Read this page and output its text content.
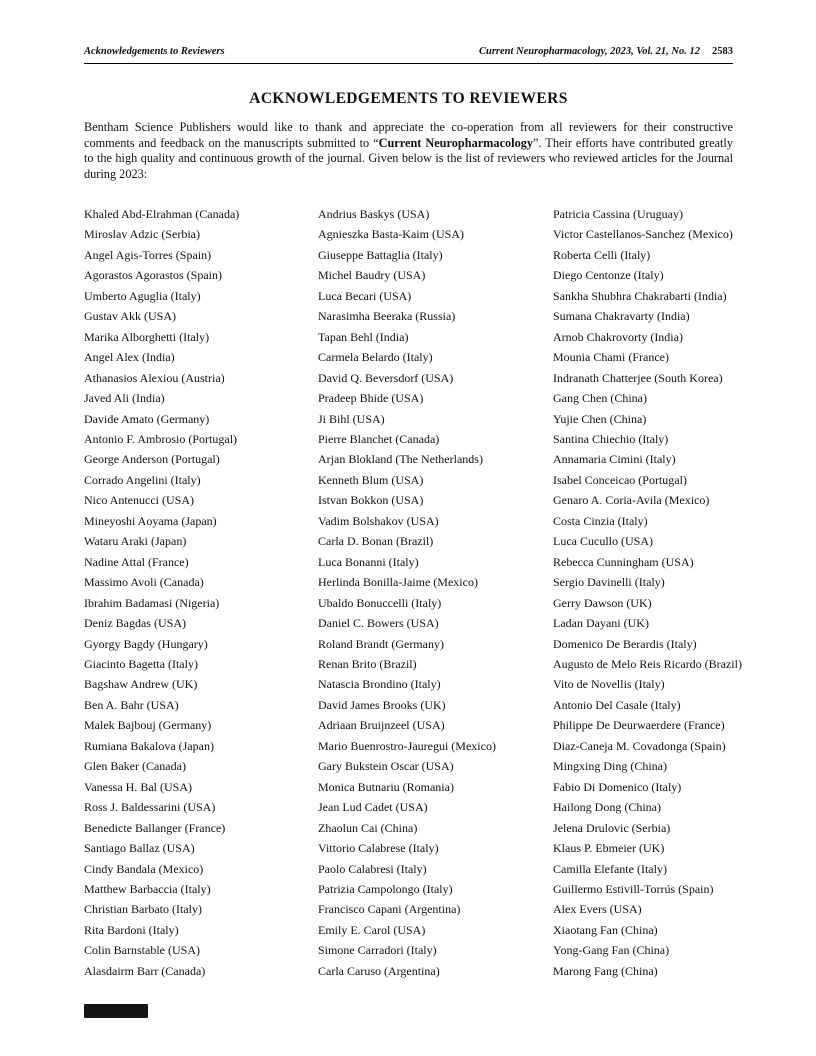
Acknowledgements to Reviewers	Current Neuropharmacology, 2023, Vol. 21, No. 12 2583
ACKNOWLEDGEMENTS TO REVIEWERS

Bentham Science Publishers would like to thank and appreciate the co-operation from all reviewers for their constructive comments and feedback on the manuscripts submitted to “Current Neuropharmacology”. Their efforts have contributed greatly to the high quality and continuous growth of the journal. Given below is the list of reviewers who reviewed articles for the Journal during 2023:

Khaled Abd-Elrahman (Canada)
Miroslav Adzic (Serbia)
Angel Agis-Torres (Spain)
Agorastos Agorastos (Spain)
Umberto Aguglia (Italy)
Gustav Akk (USA)
Marika Alborghetti (Italy)
Angel Alex (India)
Athanasios Alexiou (Austria)
Javed Ali (India)
Davide Amato (Germany)
Antonio F. Ambrosio (Portugal)
George Anderson (Portugal)
Corrado Angelini (Italy)
Nico Antenucci (USA)
Mineyoshi Aoyama (Japan)
Wataru Araki (Japan)
Nadine Attal (France)
Massimo Avoli (Canada)
Ibrahim Badamasi (Nigeria)
Deniz Bagdas (USA)
Gyorgy Bagdy (Hungary)
Giacinto Bagetta (Italy)
Bagshaw Andrew (UK)
Ben A. Bahr (USA)
Malek Bajbouj (Germany)
Rumiana Bakalova (Japan)
Glen Baker (Canada)
Vanessa H. Bal (USA)
Ross J. Baldessarini (USA)
Benedicte Ballanger (France)
Santiago Ballaz (USA)
Cindy Bandala (Mexico)
Matthew Barbaccia (Italy)
Christian Barbato (Italy)
Rita Bardoni (Italy)
Colin Barnstable (USA)
Alasdairm Barr (Canada)
Andrius Baskys (USA)
Agnieszka Basta-Kaim (USA)
Giuseppe Battaglia (Italy)
Michel Baudry (USA)
Luca Becari (USA)
Narasimha Beeraka (Russia)
Tapan Behl (India)
Carmela Belardo (Italy)
David Q. Beversdorf (USA)
Pradeep Bhide (USA)
Ji Bihl (USA)
Pierre Blanchet (Canada)
Arjan Blokland (The Netherlands)
Kenneth Blum (USA)
Istvan Bokkon (USA)
Vadim Bolshakov (USA)
Carla D. Bonan (Brazil)
Luca Bonanni (Italy)
Herlinda Bonilla-Jaime (Mexico)
Ubaldo Bonuccelli (Italy)
Daniel C. Bowers (USA)
Roland Brandt (Germany)
Renan Brito (Brazil)
Natascia Brondino (Italy)
David James Brooks (UK)
Adriaan Bruijnzeel (USA)
Mario Buenrostro-Jauregui (Mexico)
Gary Bukstein Oscar (USA)
Monica Butnariu (Romania)
Jean Lud Cadet (USA)
Zhaolun Cai (China)
Vittorio Calabrese (Italy)
Paolo Calabresi (Italy)
Patrizia Campolongo (Italy)
Francisco Capani (Argentina)
Emily E. Carol (USA)
Simone Carradori (Italy)
Carla Caruso (Argentina)
Patricia Cassina (Uruguay)
Victor Castellanos-Sanchez (Mexico)
Roberta Celli (Italy)
Diego Centonze (Italy)
Sankha Shubhra Chakrabarti (India)
Sumana Chakravarty (India)
Arnob Chakrovorty (India)
Mounia Chami (France)
Indranath Chatterjee (South Korea)
Gang Chen (China)
Yujie Chen (China)
Santina Chiechio (Italy)
Annamaria Cimini (Italy)
Isabel Conceicao (Portugal)
Genaro A. Coria-Avila (Mexico)
Costa Cinzia (Italy)
Luca Cucullo (USA)
Rebecca Cunningham (USA)
Sergio Davinelli (Italy)
Gerry Dawson (UK)
Ladan Dayani (UK)
Domenico De Berardis (Italy)
Augusto de Melo Reis Ricardo (Brazil)
Vito de Novellis (Italy)
Antonio Del Casale (Italy)
Philippe De Deurwaerdere (France)
Diaz-Caneja M. Covadonga (Spain)
Mingxing Ding (China)
Fabio Di Domenico (Italy)
Hailong Dong (China)
Jelena Drulovic (Serbia)
Klaus P. Ebmeier (UK)
Camilla Elefante (Italy)
Guillermo Estivill-Torrús (Spain)
Alex Evers (USA)
Xiaotang Fan (China)
Yong-Gang Fan (China)
Marong Fang (China)
